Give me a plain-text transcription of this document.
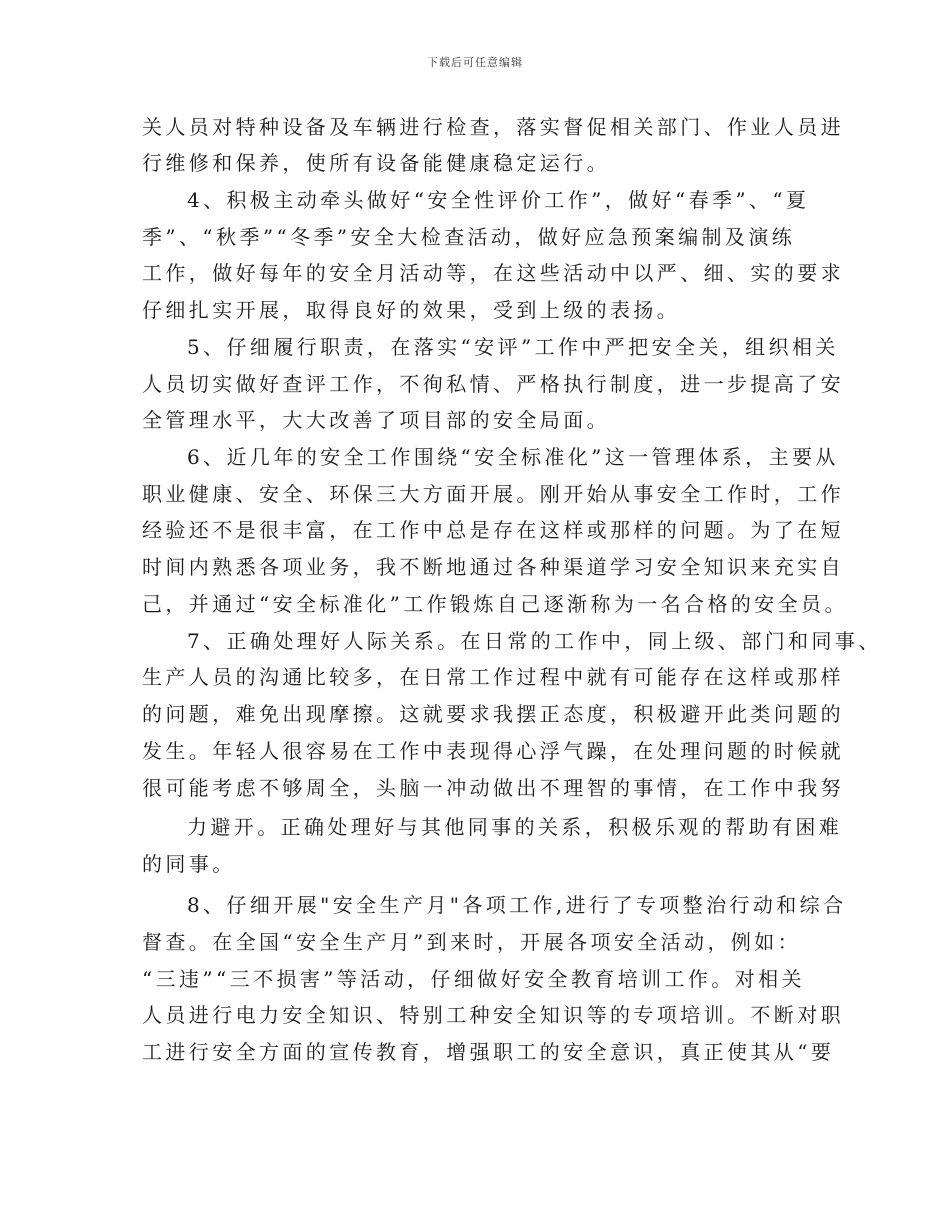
下载后可任意编辑
关人员对特种设备及车辆进行检查，落实督促相关部门、作业人员进
行维修和保养，使所有设备能健康稳定运行。
4、积极主动牵头做好“安全性评价工作”，做好“春季”、“夏
季”、“秋季”“冬季”安全大检查活动，做好应急预案编制及演练
工作，做好每年的安全月活动等，在这些活动中以严、细、实的要求
仔细扎实开展，取得良好的效果，受到上级的表扬。
5、仔细履行职责，在落实“安评”工作中严把安全关，组织相关
人员切实做好查评工作，不徇私情、严格执行制度，进一步提高了安
全管理水平，大大改善了项目部的安全局面。
6、近几年的安全工作围绕“安全标准化”这一管理体系，主要从
职业健康、安全、环保三大方面开展。刚开始从事安全工作时，工作
经验还不是很丰富，在工作中总是存在这样或那样的问题。为了在短
时间内熟悉各项业务，我不断地通过各种渠道学习安全知识来充实自
己，并通过“安全标准化”工作锻炼自己逐渐称为一名合格的安全员。
7、正确处理好人际关系。在日常的工作中，同上级、部门和同事、
生产人员的沟通比较多，在日常工作过程中就有可能存在这样或那样
的问题，难免出现摩擦。这就要求我摆正态度，积极避开此类问题的
发生。年轻人很容易在工作中表现得心浮气躁，在处理问题的时候就
很可能考虑不够周全，头脑一冲动做出不理智的事情，在工作中我努
力避开。正确处理好与其他同事的关系，积极乐观的帮助有困难
的同事。
8、仔细开展"安全生产月"各项工作,进行了专项整治行动和综合
督查。在全国“安全生产月”到来时，开展各项安全活动，例如：
“三违”“三不损害”等活动，仔细做好安全教育培训工作。对相关
人员进行电力安全知识、特别工种安全知识等的专项培训。不断对职
工进行安全方面的宣传教育，增强职工的安全意识，真正使其从“要
